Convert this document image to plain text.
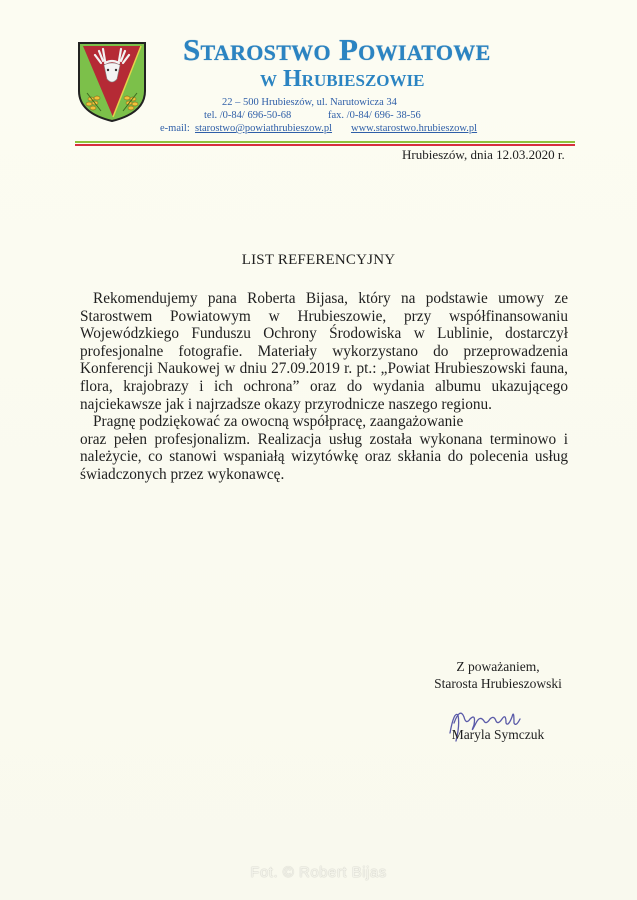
Starostwo Powiatowe
w Hrubieszowie
22 – 500 Hrubieszów, ul. Narutowicza 34
tel. /0-84/ 696-50-68	fax. /0-84/ 696- 38-56
e-mail: starostwo@powiathrubieszow.pl www.starostwo.hrubieszow.pl
Hrubieszów, dnia 12.03.2020 r.
LIST REFERENCYJNY

Rekomendujemy pana Roberta Bijasa, który na podstawie umowy ze Starostwem Powiatowym w Hrubieszowie, przy współfinansowaniu Wojewódzkiego Funduszu Ochrony Środowiska w Lublinie, dostarczył profesjonalne fotografie. Materiały wykorzystano do przeprowadzenia Konferencji Naukowej w dniu 27.09.2019 r. pt.: „Powiat Hrubieszowski fauna, flora, krajobrazy i ich ochrona” oraz do wydania albumu ukazującego najciekawsze jak i najrzadsze okazy przyrodnicze naszego regionu.

Pragnę podziękować za owocną współpracę, zaangażowanie

oraz pełen profesjonalizm. Realizacja usług została wykonana terminowo i należycie, co stanowi wspaniałą wizytówkę oraz skłania do polecenia usług świadczonych przez wykonawcę.

Z poważaniem,
Starosta Hrubieszowski
Maryla Symczuk
Fot. © Robert Bijas
